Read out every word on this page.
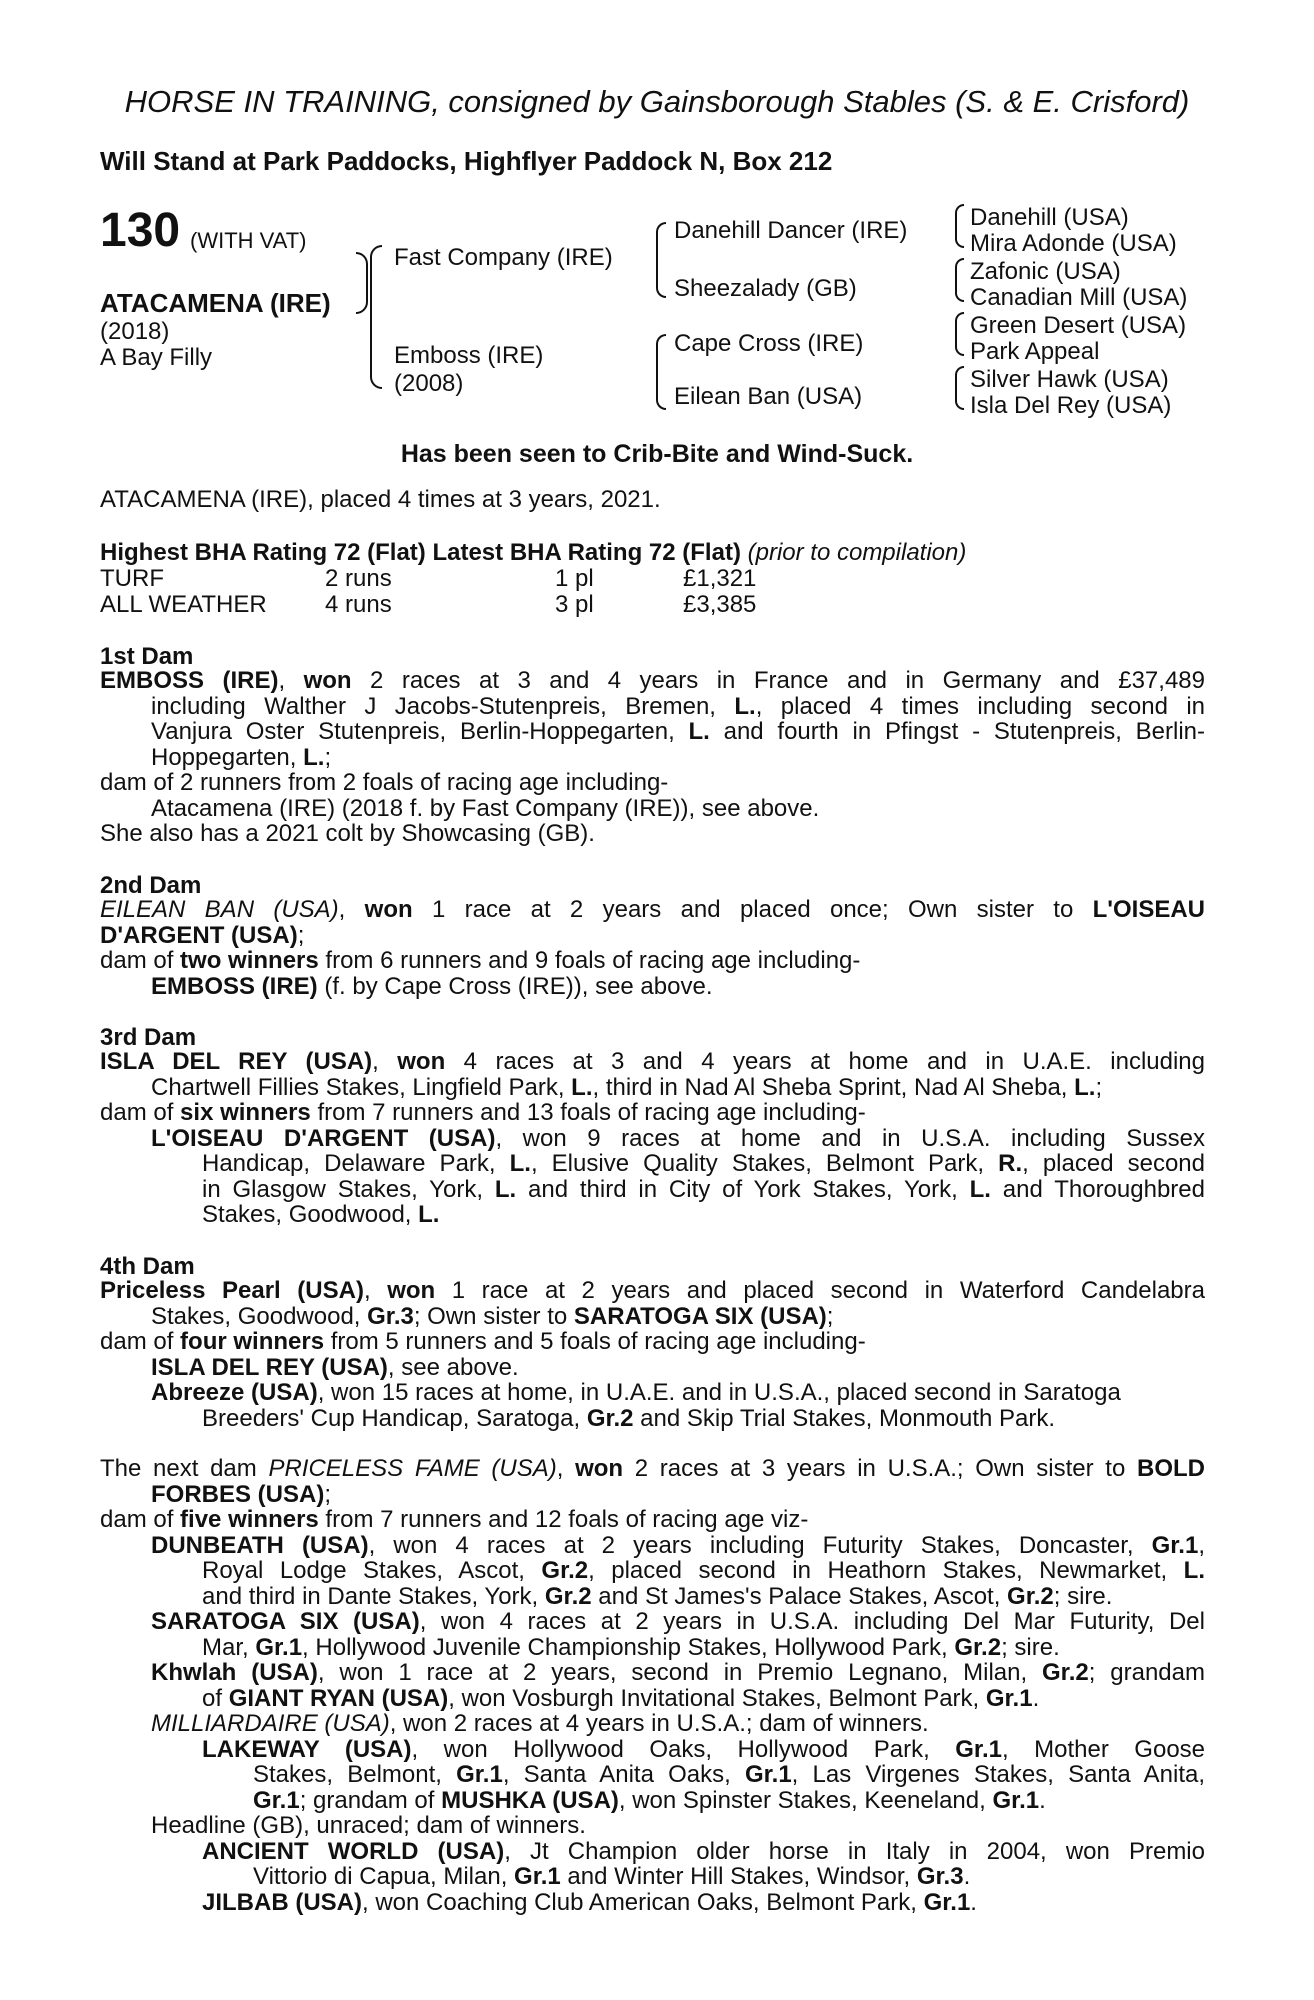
HORSE IN TRAINING, consigned by Gainsborough Stables (S. & E. Crisford)
Will Stand at Park Paddocks, Highflyer Paddock N, Box 212
130 (WITH VAT)
ATACAMENA (IRE)
(2018)
A Bay Filly
Fast Company (IRE)
Emboss (IRE)
(2008)
Danehill Dancer (IRE)
Sheezalady (GB)
Cape Cross (IRE)
Eilean Ban (USA)
Danehill (USA)
Mira Adonde (USA)
Zafonic (USA)
Canadian Mill (USA)
Green Desert (USA)
Park Appeal
Silver Hawk (USA)
Isla Del Rey (USA)
Has been seen to Crib-Bite and Wind-Suck.
ATACAMENA (IRE), placed 4 times at 3 years, 2021.
Highest BHA Rating 72 (Flat) Latest BHA Rating 72 (Flat) (prior to compilation)
TURF	2 runs	1 pl	£1,321
ALL WEATHER 4 runs	3 pl	£3,385
1st Dam
EMBOSS (IRE), won 2 races at 3 and 4 years in France and in Germany and £37,489
including Walther J Jacobs-Stutenpreis, Bremen, L., placed 4 times including second in
Vanjura Oster Stutenpreis, Berlin-Hoppegarten, L. and fourth in Pfingst - Stutenpreis, Berlin-
Hoppegarten, L.;
dam of 2 runners from 2 foals of racing age including-
Atacamena (IRE) (2018 f. by Fast Company (IRE)), see above.
She also has a 2021 colt by Showcasing (GB).
2nd Dam
EILEAN BAN (USA), won 1 race at 2 years and placed once; Own sister to L'OISEAU
D'ARGENT (USA);
dam of two winners from 6 runners and 9 foals of racing age including-
EMBOSS (IRE) (f. by Cape Cross (IRE)), see above.
3rd Dam
ISLA DEL REY (USA), won 4 races at 3 and 4 years at home and in U.A.E. including
Chartwell Fillies Stakes, Lingfield Park, L., third in Nad Al Sheba Sprint, Nad Al Sheba, L.;
dam of six winners from 7 runners and 13 foals of racing age including-
L'OISEAU D'ARGENT (USA), won 9 races at home and in U.S.A. including Sussex
Handicap, Delaware Park, L., Elusive Quality Stakes, Belmont Park, R., placed second
in Glasgow Stakes, York, L. and third in City of York Stakes, York, L. and Thoroughbred
Stakes, Goodwood, L.
4th Dam
Priceless Pearl (USA), won 1 race at 2 years and placed second in Waterford Candelabra
Stakes, Goodwood, Gr.3; Own sister to SARATOGA SIX (USA);
dam of four winners from 5 runners and 5 foals of racing age including-
ISLA DEL REY (USA), see above.
Abreeze (USA), won 15 races at home, in U.A.E. and in U.S.A., placed second in Saratoga
Breeders' Cup Handicap, Saratoga, Gr.2 and Skip Trial Stakes, Monmouth Park.
The next dam PRICELESS FAME (USA), won 2 races at 3 years in U.S.A.; Own sister to BOLD
FORBES (USA);
dam of five winners from 7 runners and 12 foals of racing age viz-
DUNBEATH (USA), won 4 races at 2 years including Futurity Stakes, Doncaster, Gr.1,
Royal Lodge Stakes, Ascot, Gr.2, placed second in Heathorn Stakes, Newmarket, L.
and third in Dante Stakes, York, Gr.2 and St James's Palace Stakes, Ascot, Gr.2; sire.
SARATOGA SIX (USA), won 4 races at 2 years in U.S.A. including Del Mar Futurity, Del
Mar, Gr.1, Hollywood Juvenile Championship Stakes, Hollywood Park, Gr.2; sire.
Khwlah (USA), won 1 race at 2 years, second in Premio Legnano, Milan, Gr.2; grandam
of GIANT RYAN (USA), won Vosburgh Invitational Stakes, Belmont Park, Gr.1.
MILLIARDAIRE (USA), won 2 races at 4 years in U.S.A.; dam of winners.
LAKEWAY (USA), won Hollywood Oaks, Hollywood Park, Gr.1, Mother Goose
Stakes, Belmont, Gr.1, Santa Anita Oaks, Gr.1, Las Virgenes Stakes, Santa Anita,
Gr.1; grandam of MUSHKA (USA), won Spinster Stakes, Keeneland, Gr.1.
Headline (GB), unraced; dam of winners.
ANCIENT WORLD (USA), Jt Champion older horse in Italy in 2004, won Premio
Vittorio di Capua, Milan, Gr.1 and Winter Hill Stakes, Windsor, Gr.3.
JILBAB (USA), won Coaching Club American Oaks, Belmont Park, Gr.1.
